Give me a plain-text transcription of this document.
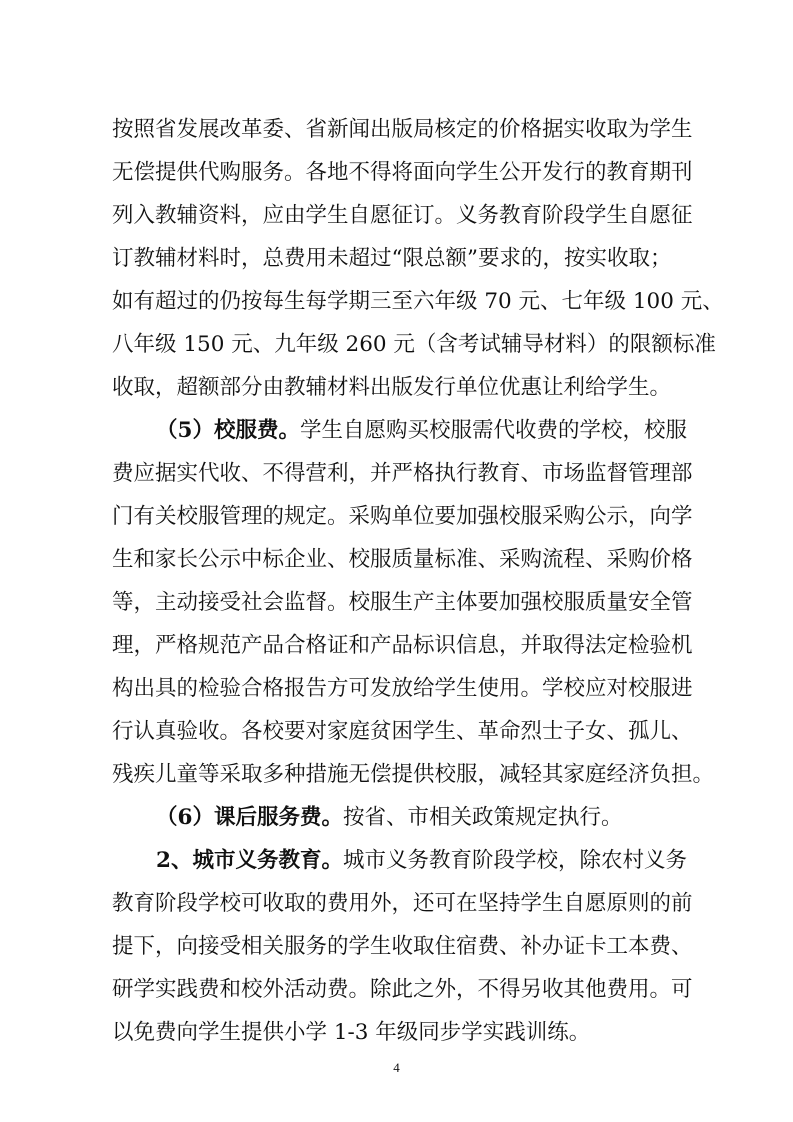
按照省发展改革委、省新闻出版局核定的价格据实收取为学生
无偿提供代购服务。各地不得将面向学生公开发行的教育期刊
列入教辅资料，应由学生自愿征订。义务教育阶段学生自愿征
订教辅材料时，总费用未超过“限总额”要求的，按实收取；
如有超过的仍按每生每学期三至六年级 70 元、七年级 100 元、
八年级 150 元、九年级 260 元（含考试辅导材料）的限额标准
收取，超额部分由教辅材料出版发行单位优惠让利给学生。
（5）校服费。学生自愿购买校服需代收费的学校，校服
费应据实代收、不得营利，并严格执行教育、市场监督管理部
门有关校服管理的规定。采购单位要加强校服采购公示，向学
生和家长公示中标企业、校服质量标准、采购流程、采购价格
等，主动接受社会监督。校服生产主体要加强校服质量安全管
理，严格规范产品合格证和产品标识信息，并取得法定检验机
构出具的检验合格报告方可发放给学生使用。学校应对校服进
行认真验收。各校要对家庭贫困学生、革命烈士子女、孤儿、
残疾儿童等采取多种措施无偿提供校服，减轻其家庭经济负担。
（6）课后服务费。按省、市相关政策规定执行。
2、城市义务教育。城市义务教育阶段学校，除农村义务
教育阶段学校可收取的费用外，还可在坚持学生自愿原则的前
提下，向接受相关服务的学生收取住宿费、补办证卡工本费、
研学实践费和校外活动费。除此之外，不得另收其他费用。可
以免费向学生提供小学 1-3 年级同步学实践训练。
4
